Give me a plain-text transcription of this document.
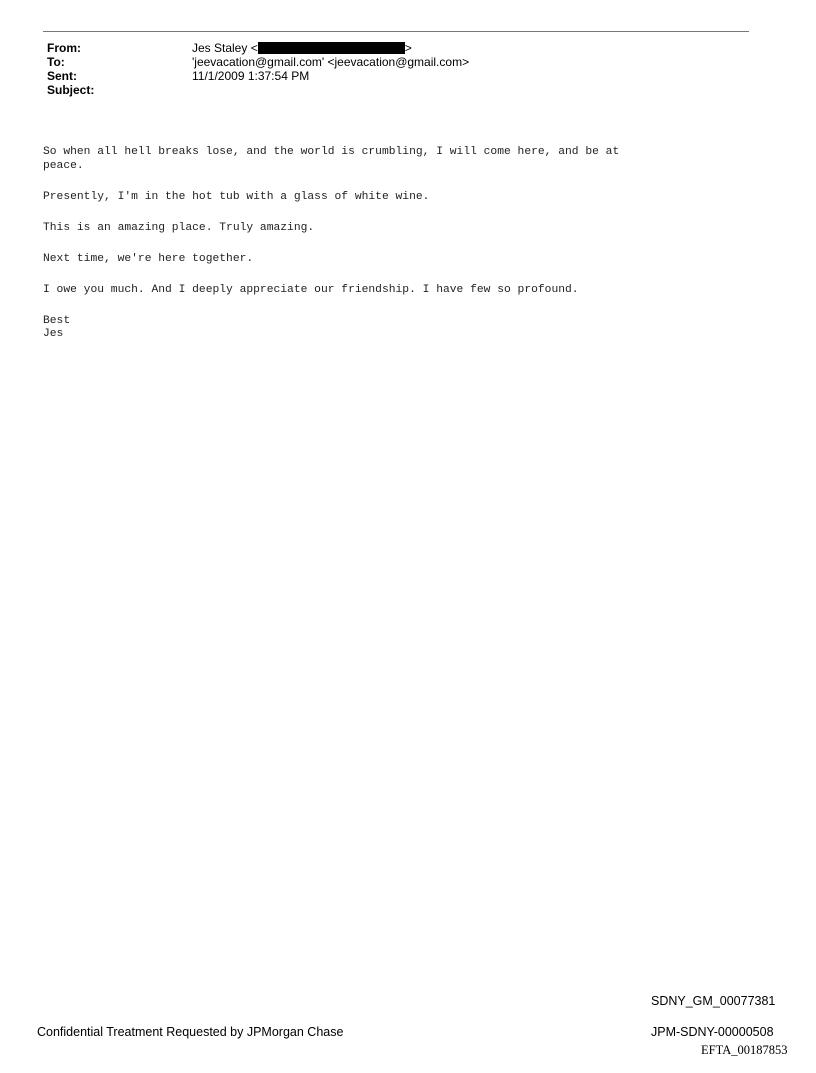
From:	Jes Staley <	>
To:	'jeevacation@gmail.com' <jeevacation@gmail.com>
Sent:	11/1/2009 1:37:54 PM
Subject:

So when all hell breaks lose, and the world is crumbling, I will come here, and be at
peace.

Presently, I'm in the hot tub with a glass of white wine.

This is an amazing place. Truly amazing.

Next time, we're here together.

I owe you much. And I deeply appreciate our friendship. I have few so profound.

Best
Jes
SDNY_GM_00077381
Confidential Treatment Requested by JPMorgan Chase	JPM-SDNY-00000508
EFTA_00187853
